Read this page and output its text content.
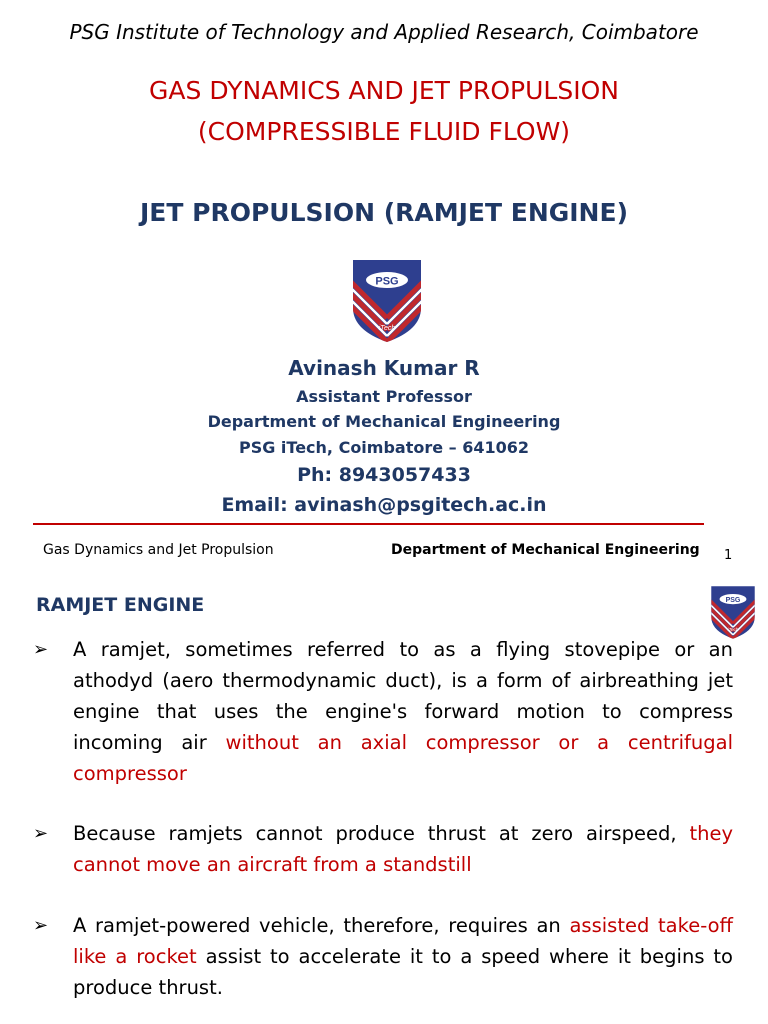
PSG Institute of Technology and Applied Research, Coimbatore
GAS DYNAMICS AND JET PROPULSION
(COMPRESSIBLE FLUID FLOW)
JET PROPULSION (RAMJET ENGINE)
PSG
iTech
Avinash Kumar R
Assistant Professor
Department of Mechanical Engineering
PSG iTech, Coimbatore – 641062
Ph: 8943057433
Email: avinash@psgitech.ac.in
Gas Dynamics and Jet Propulsion	Department of Mechanical Engineering 1
RAMJET ENGINE	PSG
iTech
➢ A ramjet, sometimes referred to as a flying stovepipe or an athodyd (aero thermodynamic duct), is a form of airbreathing jet engine that uses the engine's forward motion to compress incoming air without an axial compressor or a centrifugal compressor
➢ Because ramjets cannot produce thrust at zero airspeed, they cannot move an aircraft from a standstill
➢ A ramjet-powered vehicle, therefore, requires an assisted take-off like a rocket assist to accelerate it to a speed where it begins to produce thrust.
